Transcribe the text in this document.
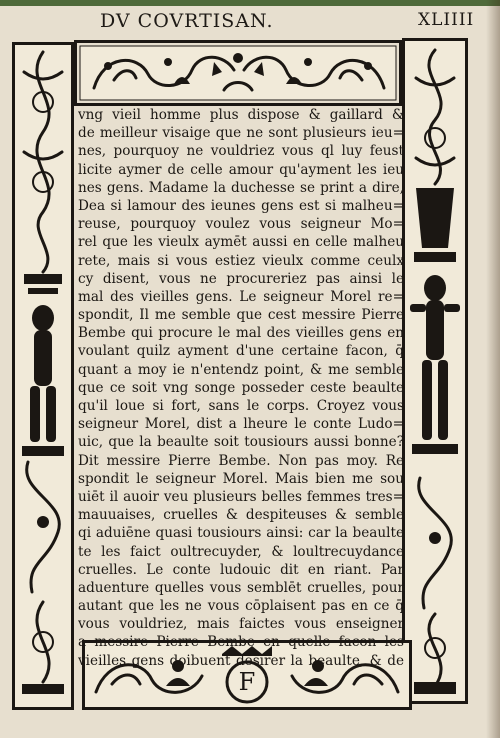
DV COVRTISAN.	XLIIII
F
vng vieil homme plus dispose & gaillard &
de meilleur visaige que ne sont plusieurs ieu=
nes, pourquoy ne vouldriez vous ql luy feust
licite aymer de celle amour qu'ayment les ieu
nes gens. Madame la duchesse se print a dire,
Dea si lamour des ieunes gens est si malheu=
reuse, pourquoy voulez vous seigneur Mo=
rel que les vieulx aymēt aussi en celle malheu
rete, mais si vous estiez vieulx comme ceulx
cy disent, vous ne procureriez pas ainsi le
mal des vieilles gens. Le seigneur Morel re=
spondit, Il me semble que cest messire Pierre
Bembe qui procure le mal des vieilles gens en
voulant quilz ayment d'une certaine facon, q̄
quant a moy ie n'entendz point, & me semble
que ce soit vng songe posseder ceste beaulte
qu'il loue si fort, sans le corps. Croyez vous
seigneur Morel, dist a lheure le conte Ludo=
uic, que la beaulte soit tousiours aussi bonne?
Dit messire Pierre Bembe. Non pas moy. Re
spondit le seigneur Morel. Mais bien me sou
uiēt il auoir veu plusieurs belles femmes tres=
mauuaises, cruelles & despiteuses & semble
qi aduiēne quasi tousiours ainsi: car la beaulte
te les faict oultrecuyder, & loultrecuydance
cruelles. Le conte ludouic dit en riant. Par
aduenture quelles vous semblēt cruelles, pour
autant que les ne vous cōplaisent pas en ce q̄
vous vouldriez, mais faictes vous enseigner
a messire Pierre Bembe en quelle facon les
vieilles gens doibuent desirer la beaulte, & de
